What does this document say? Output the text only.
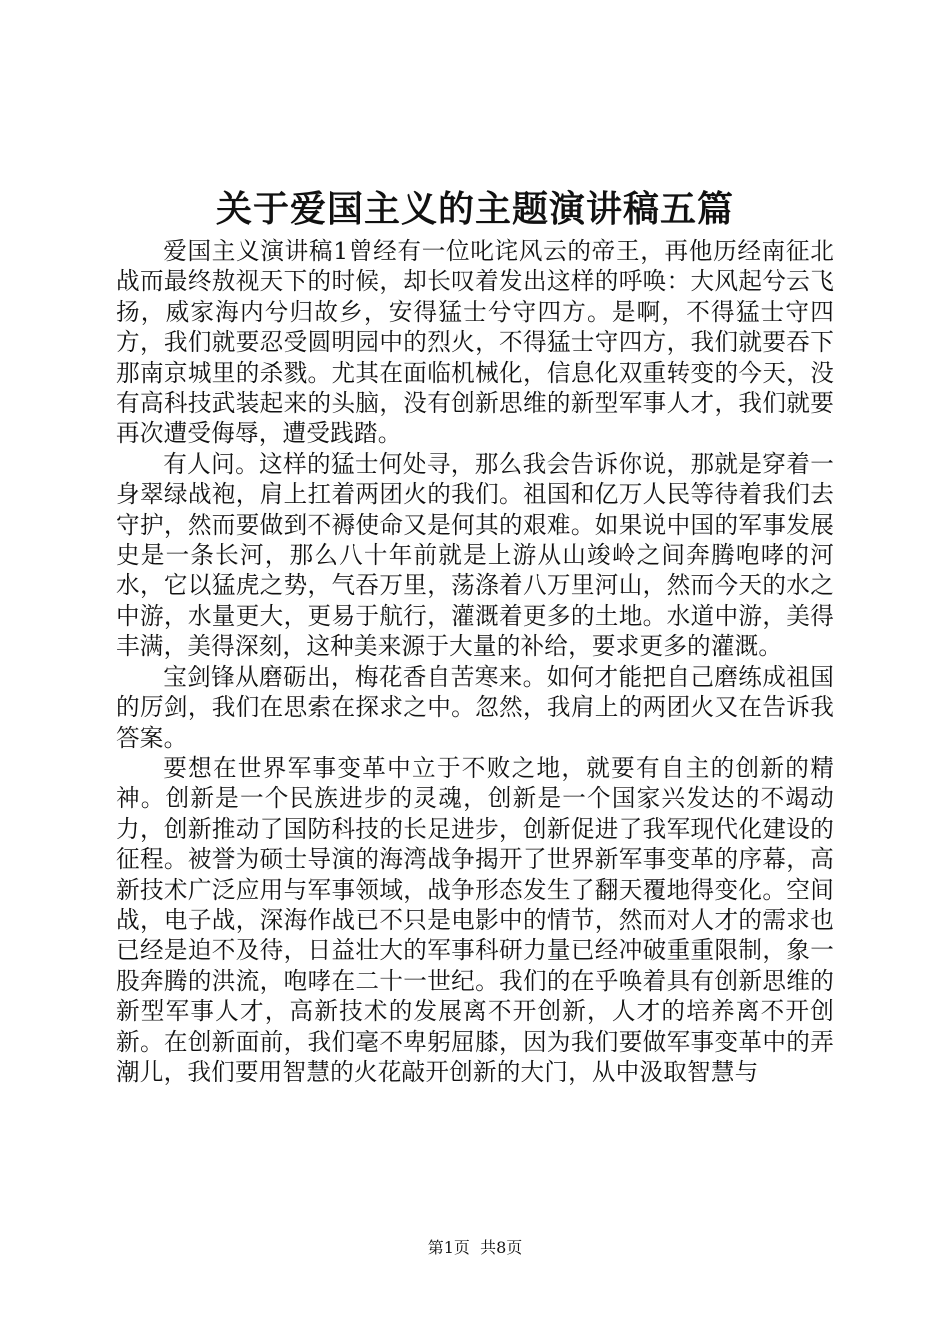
关于爱国主义的主题演讲稿五篇

爱国主义演讲稿1曾经有一位叱诧风云的帝王，再他历经南征北战而最终敖视天下的时候，却长叹着发出这样的呼唤：大风起兮云飞扬，威家海内兮归故乡，安得猛士兮守四方。是啊，不得猛士守四方，我们就要忍受圆明园中的烈火，不得猛士守四方，我们就要吞下那南京城里的杀戮。尤其在面临机械化，信息化双重转变的今天，没有高科技武装起来的头脑，没有创新思维的新型军事人才，我们就要再次遭受侮辱，遭受践踏。

有人问。这样的猛士何处寻，那么我会告诉你说，那就是穿着一身翠绿战袍，肩上扛着两团火的我们。祖国和亿万人民等待着我们去守护，然而要做到不褥使命又是何其的艰难。如果说中国的军事发展史是一条长河，那么八十年前就是上游从山竣岭之间奔腾咆哮的河水，它以猛虎之势，气吞万里，荡涤着八万里河山，然而今天的水之中游，水量更大，更易于航行，灌溉着更多的土地。水道中游，美得丰满，美得深刻，这种美来源于大量的补给，要求更多的灌溉。

宝剑锋从磨砺出，梅花香自苦寒来。如何才能把自己磨练成祖国的厉剑，我们在思索在探求之中。忽然，我肩上的两团火又在告诉我答案。

要想在世界军事变革中立于不败之地，就要有自主的创新的精神。创新是一个民族进步的灵魂，创新是一个国家兴发达的不竭动力，创新推动了国防科技的长足进步，创新促进了我军现代化建设的征程。被誉为硕士导演的海湾战争揭开了世界新军事变革的序幕，高新技术广泛应用与军事领域，战争形态发生了翻天覆地得变化。空间战，电子战，深海作战已不只是电影中的情节，然而对人才的需求也已经是迫不及待，日益壮大的军事科研力量已经冲破重重限制，象一股奔腾的洪流，咆哮在二十一世纪。我们的在乎唤着具有创新思维的新型军事人才，高新技术的发展离不开创新，人才的培养离不开创新。在创新面前，我们毫不卑躬屈膝，因为我们要做军事变革中的弄潮儿，我们要用智慧的火花敲开创新的大门，从中汲取智慧与

第1页 共8页
